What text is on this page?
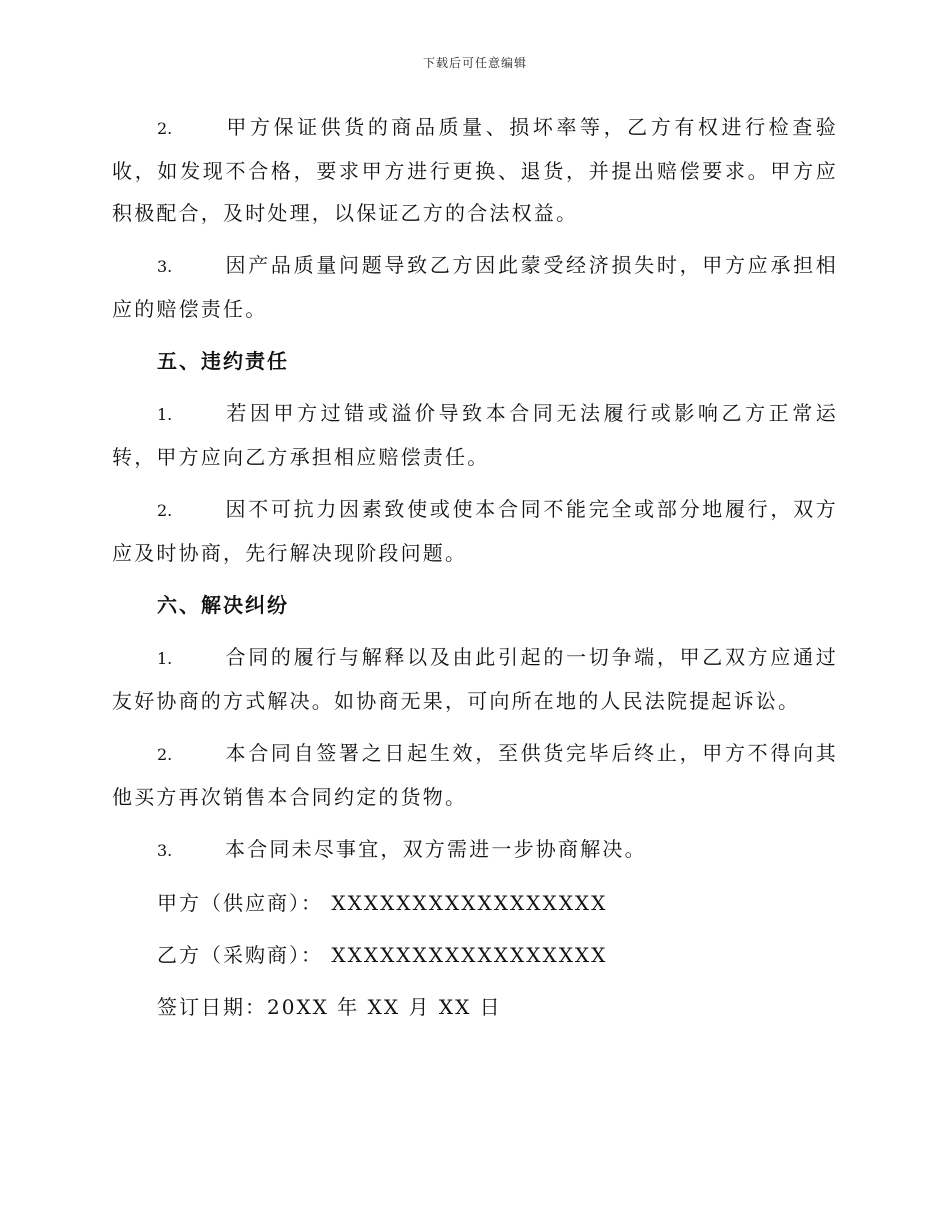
下载后可任意编辑

2.	甲方保证供货的商品质量、损坏率等，乙方有权进行检查验收，如发现不合格，要求甲方进行更换、退货，并提出赔偿要求。甲方应积极配合，及时处理，以保证乙方的合法权益。

3.	因产品质量问题导致乙方因此蒙受经济损失时，甲方应承担相应的赔偿责任。

五、违约责任

1.	若因甲方过错或溢价导致本合同无法履行或影响乙方正常运转，甲方应向乙方承担相应赔偿责任。

2.	因不可抗力因素致使或使本合同不能完全或部分地履行，双方应及时协商，先行解决现阶段问题。

六、解决纠纷

1.	合同的履行与解释以及由此引起的一切争端，甲乙双方应通过友好协商的方式解决。如协商无果，可向所在地的人民法院提起诉讼。

2.	本合同自签署之日起生效，至供货完毕后终止，甲方不得向其他买方再次销售本合同约定的货物。

3.	本合同未尽事宜，双方需进一步协商解决。

甲方（供应商）： XXXXXXXXXXXXXXXXX
乙方（采购商）： XXXXXXXXXXXXXXXXX
签订日期：20XX 年 XX 月 XX 日
